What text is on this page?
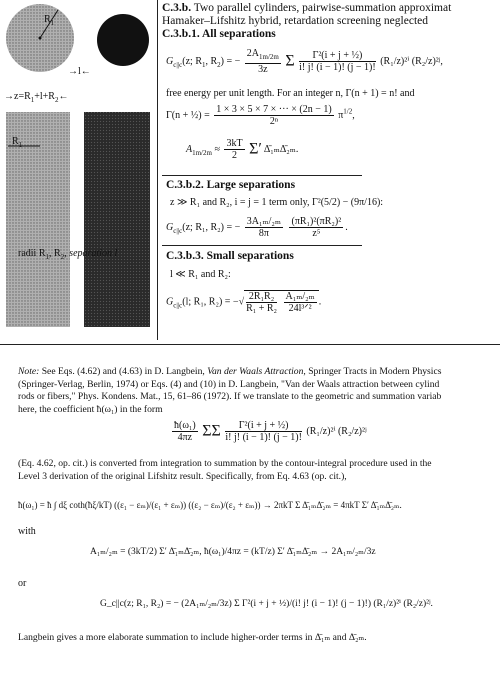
$R_1$
→l←
$\to z=R_1+l+R_2\leftarrow$
$R_1$
radii $R_1$, $R_2$, separation l
C.3.b. Two parallel cylinders, pairwise-summation approximat
Hamaker–Lifshitz hybrid, retardation screening neglected
C.3.b.1. All separations
$G_{c||c}(z$; $R_1$, $R_2$) = − $\frac{2A_{1m/2m}}{3z}$ Σ $\frac{\text{Γ²(i + j + ½)}}{i! j! (i - 1)! (j - 1)!} (R_1/z)^{2i}$ (R₂/z)²ʲ,
free energy per unit length. For an integer n, Γ(n + 1) = n! and
Γ(n + ½) = $\frac{1 \times 3 \times 5 \times 7 \times \cdot\cdot\cdot \times (2n - 1)}{\text{2ⁿ}} \pi^{1/2}$,
$A_{1m/2m} \approx \frac{3kT}{2} \Sigma'$ Δ̄₁ₘΔ̄₂ₘ.
C.3.b.2. Large separations
z ≫ R₁ and R₂, i = j = 1 term only, Γ²(5/2) − (9π/16):
$G_{c||c}(z$; R₁, R₂) = − $\frac{\text{3A₁ₘ/₂ₘ}}{8\pi}$
$\frac{\text{(πR₁)²(πR₂)²}}{\text{z⁵}}$ .
C.3.b.3. Small separations
l ≪ R₁ and R₂:
$G_{c||c}(l$; R₁, R₂) = −√ $\frac{\text{2R₁R₂}}{\text{R₁ + R₂}}$
$\frac{\text{A₁ₘ/₂ₘ}}{\text{24l³ᐟ²}}$ .
Note: See Eqs. (4.62) and (4.63) in D. Langbein, Van der Waals Attraction, Springer Tracts in Modern Physics
(Springer-Verlag, Berlin, 1974) or Eqs. (4) and (10) in D. Langbein, "Van der Waals attraction between cylind
rods or fibers," Phys. Kondens. Mat., 15, 61–86 (1972). If we translate to the geometric and summation variab
here, the coefficient ħ(ω₁) in the form
$\frac{\text{ħ(ω₁)}}{4\pi z}$ ΣΣ $\frac{\text{Γ²(i + j + ½)}}{i! j! (i - 1)! (j - 1)!} (R_1/z)^{2i}$ (R₂/z)²ʲ
(Eq. 4.62, op. cit.) is converted from integration to summation by the contour-integral procedure used in the
Level 3 derivation of the original Lifshitz result. Specifically, from Eq. 4.63 (op. cit.),
ħ(ω₁) = ħ ∫ dξ coth(ħξ/kT) ((ε₁ − εₘ)/(ε₁ + εₘ)) ((ε₂ − εₘ)/(ε₂ + εₘ)) → 2πkT Σ Δ̄₁ₘΔ̄₂ₘ = 4πkT Σ′ Δ̄₁ₘΔ̄₂ₘ.
with
A₁ₘ/₂ₘ = (3kT/2) Σ′ Δ̄₁ₘΔ̄₂ₘ, ħ(ω₁)/4πz = (kT/z) Σ′ Δ̄₁ₘΔ̄₂ₘ → 2A₁ₘ/₂ₘ/3z
or
G_c||c(z; R₁, R₂) = − (2A₁ₘ/₂ₘ/3z) Σ Γ²(i + j + ½)/(i! j! (i − 1)! (j − 1)!) (R₁/z)²ⁱ (R₂/z)²ʲ.
Langbein gives a more elaborate summation to include higher-order terms in Δ̄₁ₘ and Δ̄₂ₘ.
